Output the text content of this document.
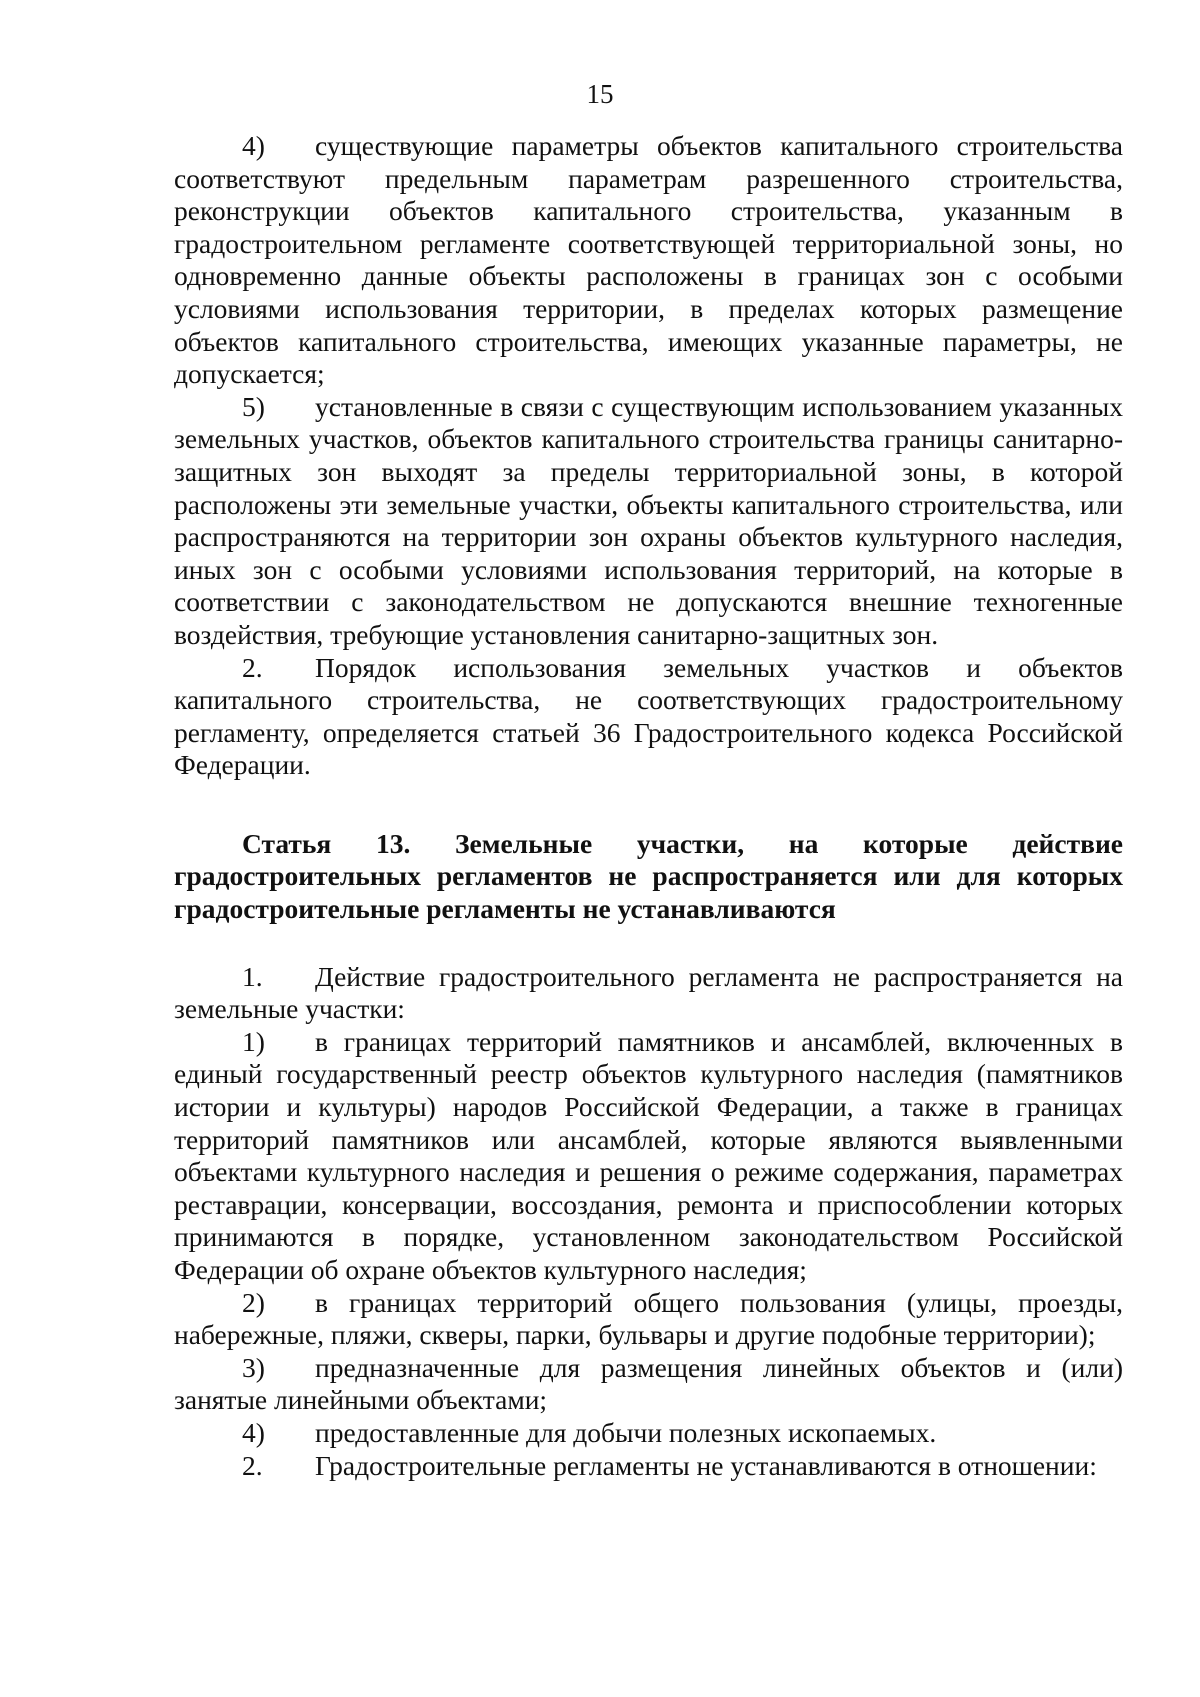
15

4) существующие параметры объектов капитального строительства соответствуют предельным параметрам разрешенного строительства, реконструкции объектов капитального строительства, указанным в градостроительном регламенте соответствующей территориальной зоны, но одновременно данные объекты расположены в границах зон с особыми условиями использования территории, в пределах которых размещение объектов капитального строительства, имеющих указанные параметры, не допускается;

5) установленные в связи с существующим использованием указанных земельных участков, объектов капитального строительства границы санитарно-защитных зон выходят за пределы территориальной зоны, в которой расположены эти земельные участки, объекты капитального строительства, или распространяются на территории зон охраны объектов культурного наследия, иных зон с особыми условиями использования территорий, на которые в соответствии с законодательством не допускаются внешние техногенные воздействия, требующие установления санитарно-защитных зон.

2. Порядок использования земельных участков и объектов капитального строительства, не соответствующих градостроительному регламенту, определяется статьей 36 Градостроительного кодекса Российской Федерации.

Статья 13. Земельные участки, на которые действие градостроительных регламентов не распространяется или для которых градостроительные регламенты не устанавливаются

1. Действие градостроительного регламента не распространяется на земельные участки:

1) в границах территорий памятников и ансамблей, включенных в единый государственный реестр объектов культурного наследия (памятников истории и культуры) народов Российской Федерации, а также в границах территорий памятников или ансамблей, которые являются выявленными объектами культурного наследия и решения о режиме содержания, параметрах реставрации, консервации, воссоздания, ремонта и приспособлении которых принимаются в порядке, установленном законодательством Российской Федерации об охране объектов культурного наследия;

2) в границах территорий общего пользования (улицы, проезды, набережные, пляжи, скверы, парки, бульвары и другие подобные территории);

3) предназначенные для размещения линейных объектов и (или) занятые линейными объектами;

4) предоставленные для добычи полезных ископаемых.

2. Градостроительные регламенты не устанавливаются в отношении:
